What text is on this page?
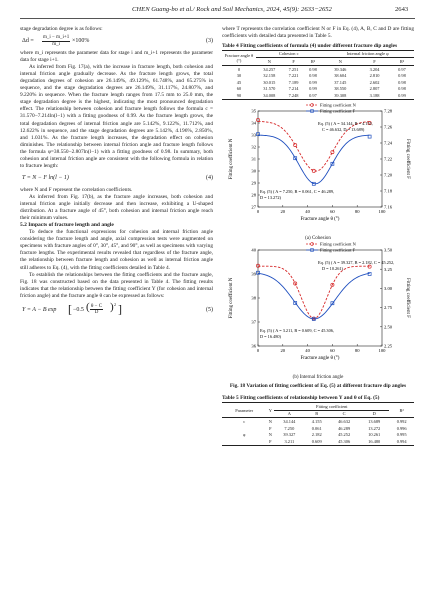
CHEN Guang-bo et al./ Rock and Soil Mechanics, 2024, 45(9): 2633−2652	2643

stage degradation degree is as follows:

$\Delta d = \frac{m\_i - m\_i+1}{m\_i} \times 100\%$	(3)

where m_i represents the parameter data for stage i and m_i+1 represents the parameter data for stage i+1.

As inferred from Fig. 17(a), with the increase in fracture length, both cohesion and internal friction angle gradually decrease. As the fracture length grows, the total degradation degrees of cohesion are 26.149%, 49.129%, 61.748%, and 65.275% in sequence, and the stage degradation degrees are 26.149%, 31.117%, 24.807%, and 9.220% in sequence. When the fracture length ranges from 17.5 mm to 25.0 mm, the stage degradation degree is the highest, indicating the most pronounced degradation effect. The relationship between cohesion and fracture length follows the formula c = 31.570−7.214ln(l−1) with a fitting goodness of 0.99. As the fracture length grows, the total degradation degrees of internal friction angle are 5.142%, 9.122%, 11.712%, and 12.622% in sequence, and the stage degradation degrees are 5.142%, 4.196%, 2.850%, and 1.031%. As the fracture length increases, the degradation effect on cohesion diminishes. The relationship between internal friction angle and fracture length follows the formula φ=38.550−2.807ln(l−1) with a fitting goodness of 0.98. In summary, both cohesion and internal friction angle are consistent with the following formula in relation to fracture length:

T = N − F ln(l − 1)	(4)

where N and F represent the correlation coefficients.

As inferred from Fig. 17(b), as the fracture angle increases, both cohesion and internal friction angle initially decrease and then increase, exhibiting a U-shaped distribution. At a fracture angle of 45°, both cohesion and internal friction angle reach their minimum values.

5.2 Impacts of fracture length and angle

To deduce the functional expressions for cohesion and internal friction angle considering the fracture length and angle, axial compression tests were augmented on specimens with fracture angles of 0°, 30°, 45°, and 90°, as well as specimens with varying fracture lengths. The experimental results revealed that regardless of the fracture angle, the relationship between fracture length and cohesion as well as internal friction angle still adheres to Eq. (4), with the fitting coefficients detailed in Table 4.

To establish the relationships between the fitting coefficients and the fracture angle, Fig. 18 was constructed based on the data presented in Table 4. The fitting results indicates that the relationship between the fitting coefficient Y (for cohesion and internal friction angle) and the fracture angle θ can be expressed as follows:

Y = A − B exp [ −0.5 ( $\frac{\theta - C}{D}$ ) 2 ]	(5)

where T represents the correlation coefficient N or F in Eq. (4), A, B, C and D are fitting coefficients with detailed data presented in Table 5.

Table 4 Fitting coefficients of formula (4) under different fracture dip angles
Fracture angle θ (°)	Cohesion c			Internal friction angle φ		
	N	F	R²	N	F	R²
0	34.257	7.251	0.98	39.346	3.204	0.97
30	32.158	7.221	0.98	38.604	2.810	0.98
45	30.015	7.189	0.99	37.145	2.602	0.98
60	31.570	7.214	0.99	38.550	2.807	0.98
90	34.008	7.248	0.97	39.308	3.188	0.99
0	20	40	60	80	100
27
28
29
30
31
32
33
34
35
7.16
7.18
7.20
7.22
7.24
7.26
7.28
Fracture angle θ (°)
Fitting coefficient N	Fitting coefficient F
Fitting coefficient N
Fitting coefficient F
Eq. (5) ( A = 34.144, B = 4.155,
C = 46.632, D = 13.689)
Eq. (5) ( A = 7.250, B = 0.061, C = 46.289,
D = 13.272)
(a) Cohesion
0	20	40	60	80	100
36
37
38
39
40
2.25
2.50
2.75
3.00
3.25
3.50
Fracture angle θ (°)
Fitting coefficient N	Fitting coefficient F
Fitting coefficient N
Fitting coefficient F
Eq. (5) ( A = 39.327, B = 2.182, C = 45.252,
D = 10.261)
Eq. (5) ( A = 3.211, B = 0.609, C = 45.306,
D = 16.480)
(b) Internal friction angle
Fig. 18 Variation of fitting coefficient of Eq. (5) at different fracture dip angles
Table 5 Fitting coefficients of relationship between Y and θ of Eq. (5)
Parameter	Y	Fitting coefficient				R²
		A	B	C	D	
c	N	34.144	4.155	46.632	13.689	0.992
	F	7.250	0.061	46.289	13.272	0.996
φ	N	39.327	2.182	45.252	10.261	0.995
	F	3.211	0.609	45.306	16.480	0.994
